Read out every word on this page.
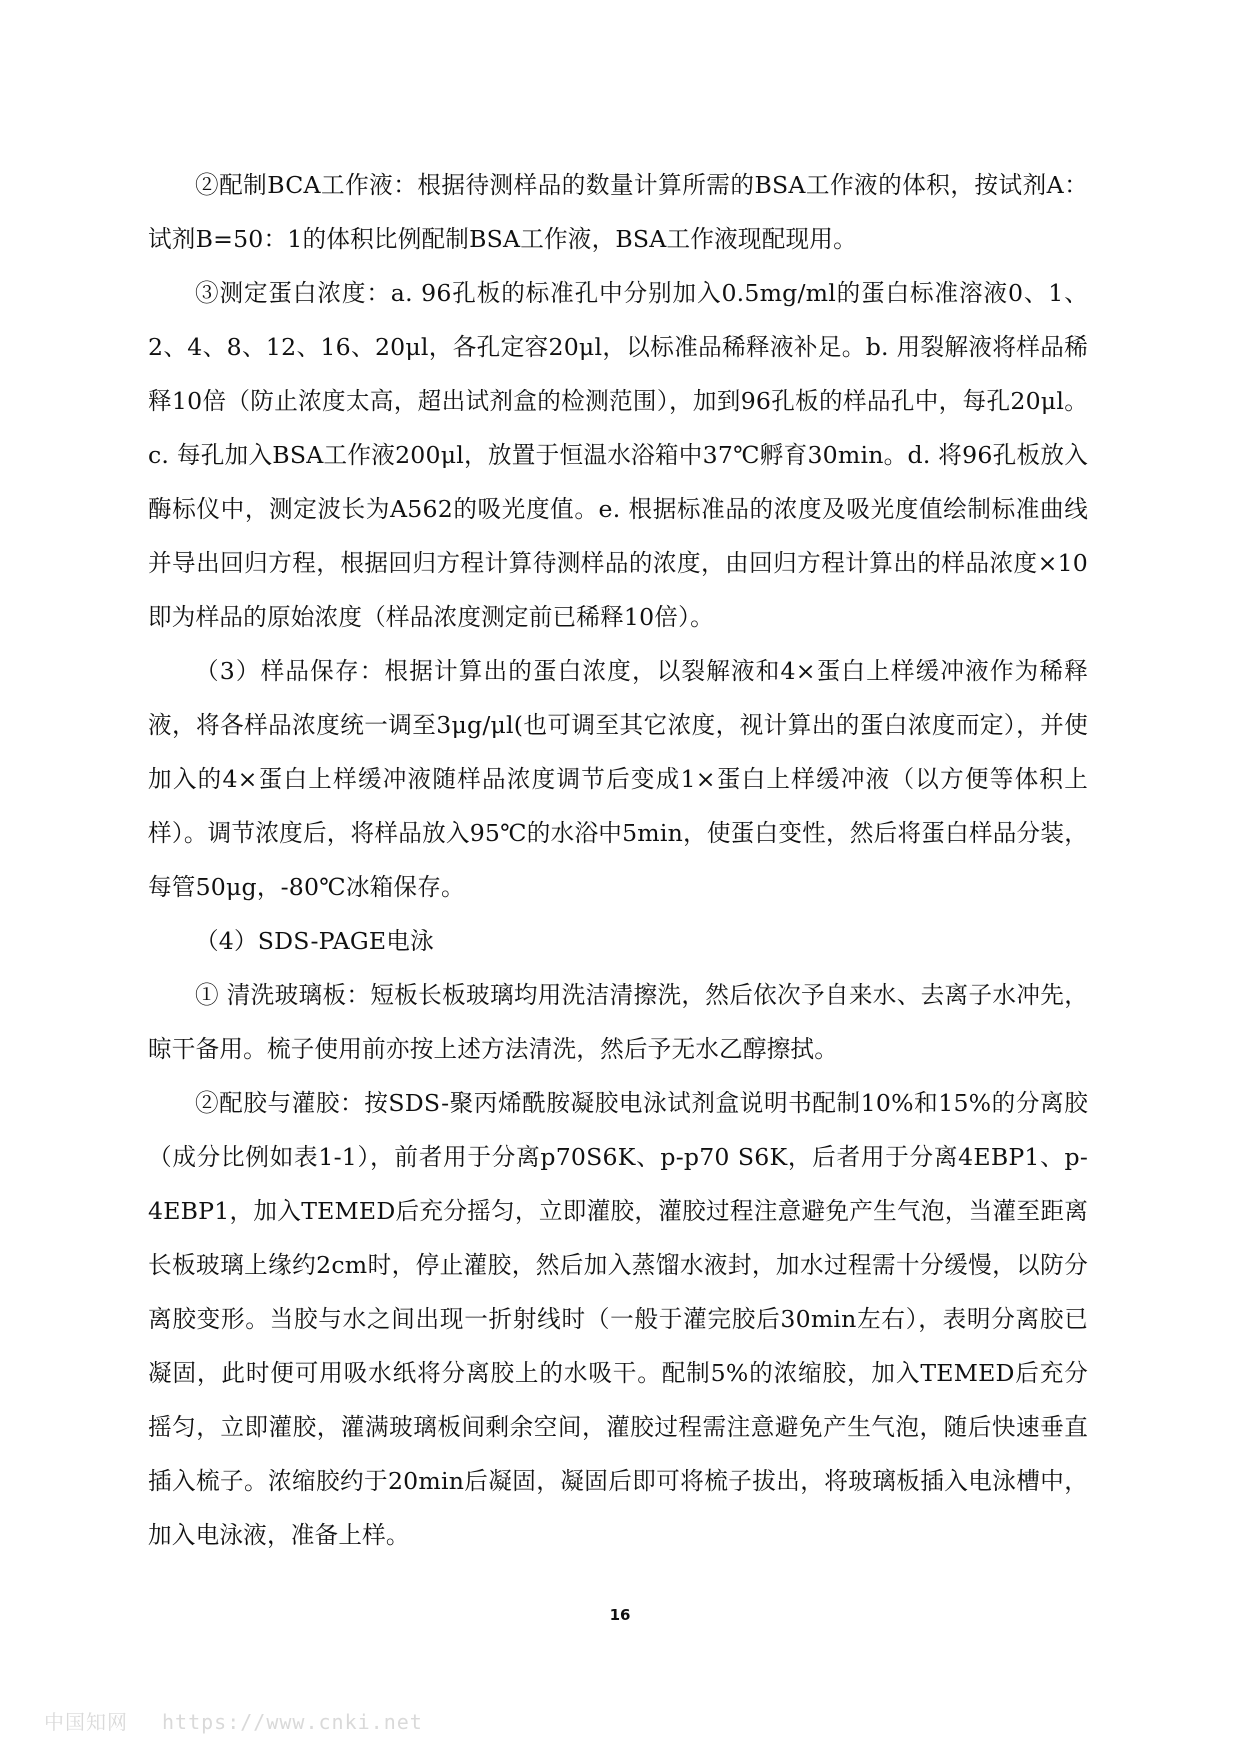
②配制BCA工作液：根据待测样品的数量计算所需的BSA工作液的体积，按试剂A：试剂B=50：1的体积比例配制BSA工作液，BSA工作液现配现用。

③测定蛋白浓度：a. 96孔板的标准孔中分别加入0.5mg/ml的蛋白标准溶液0、1、2、4、8、12、16、20μl，各孔定容20μl，以标准品稀释液补足。b. 用裂解液将样品稀释10倍（防止浓度太高，超出试剂盒的检测范围），加到96孔板的样品孔中，每孔20μl。c. 每孔加入BSA工作液200μl，放置于恒温水浴箱中37℃孵育30min。d. 将96孔板放入酶标仪中，测定波长为A562的吸光度值。e. 根据标准品的浓度及吸光度值绘制标准曲线并导出回归方程，根据回归方程计算待测样品的浓度，由回归方程计算出的样品浓度×10即为样品的原始浓度（样品浓度测定前已稀释10倍）。

（3）样品保存：根据计算出的蛋白浓度，以裂解液和4×蛋白上样缓冲液作为稀释液，将各样品浓度统一调至3μg/μl(也可调至其它浓度，视计算出的蛋白浓度而定），并使加入的4×蛋白上样缓冲液随样品浓度调节后变成1×蛋白上样缓冲液（以方便等体积上样）。调节浓度后，将样品放入95℃的水浴中5min，使蛋白变性，然后将蛋白样品分装，每管50μg，-80℃冰箱保存。

（4）SDS-PAGE电泳

① 清洗玻璃板：短板长板玻璃均用洗洁清擦洗，然后依次予自来水、去离子水冲先，晾干备用。梳子使用前亦按上述方法清洗，然后予无水乙醇擦拭。

②配胶与灌胶：按SDS-聚丙烯酰胺凝胶电泳试剂盒说明书配制10%和15%的分离胶（成分比例如表1-1），前者用于分离p70S6K、p-p70 S6K，后者用于分离4EBP1、p-4EBP1，加入TEMED后充分摇匀，立即灌胶，灌胶过程注意避免产生气泡，当灌至距离长板玻璃上缘约2cm时，停止灌胶，然后加入蒸馏水液封，加水过程需十分缓慢，以防分离胶变形。当胶与水之间出现一折射线时（一般于灌完胶后30min左右），表明分离胶已凝固，此时便可用吸水纸将分离胶上的水吸干。配制5%的浓缩胶，加入TEMED后充分摇匀，立即灌胶，灌满玻璃板间剩余空间，灌胶过程需注意避免产生气泡，随后快速垂直插入梳子。浓缩胶约于20min后凝固，凝固后即可将梳子拔出，将玻璃板插入电泳槽中，加入电泳液，准备上样。

16
中国知网 https://www.cnki.net
